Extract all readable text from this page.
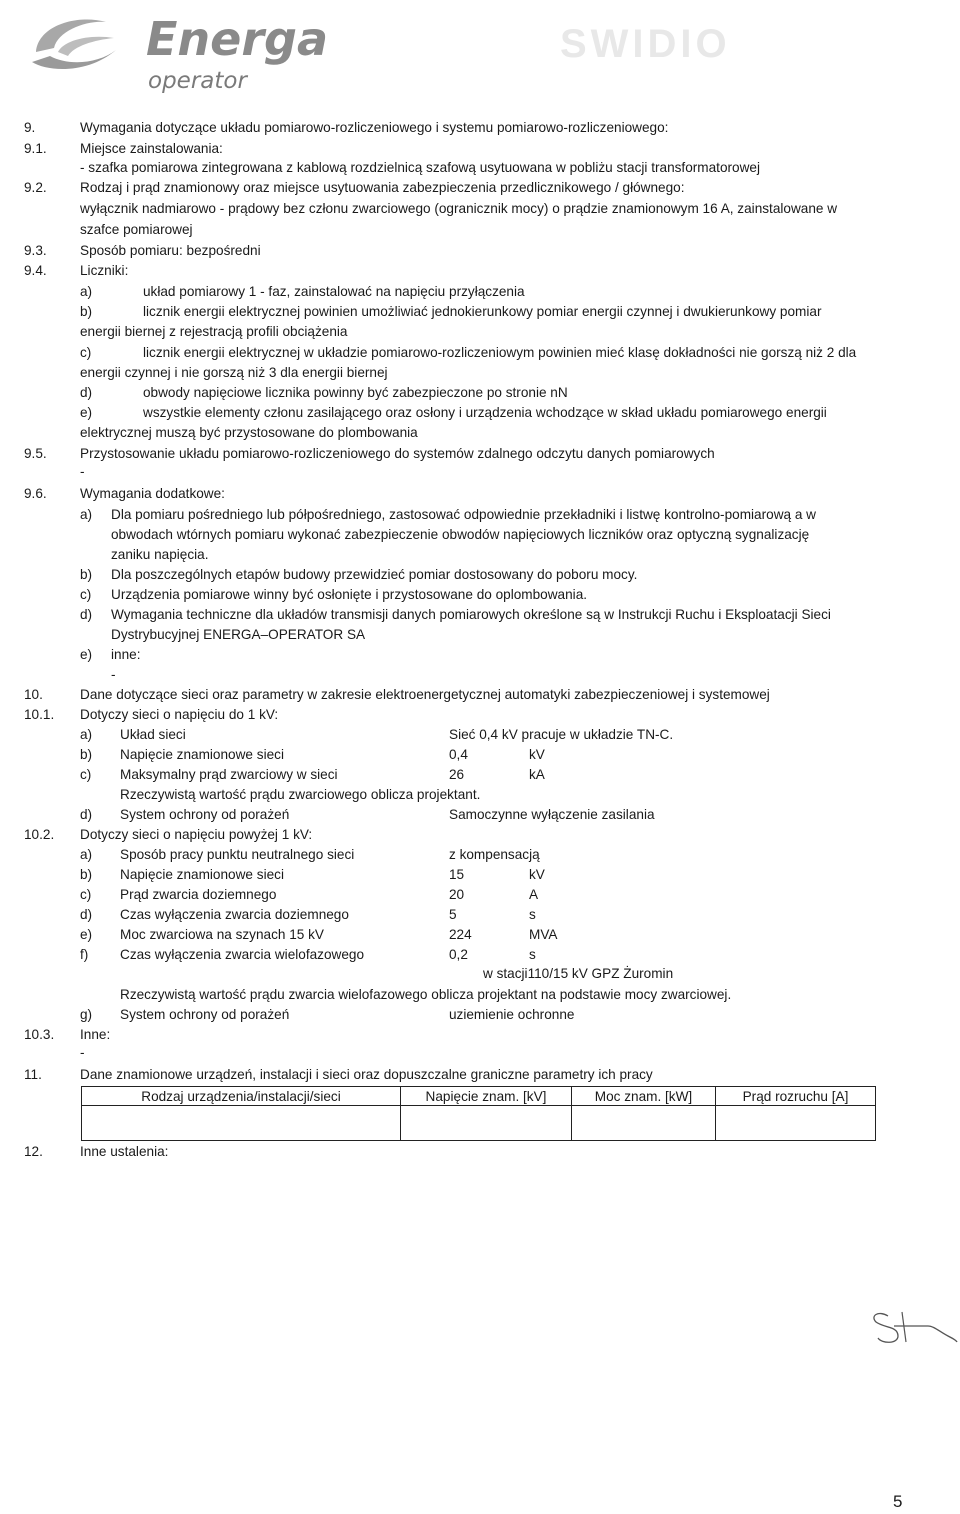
Energa
operator
SWIDIO
9.	Wymagania dotyczące układu pomiarowo-rozliczeniowego i systemu pomiarowo-rozliczeniowego:
9.1. Miejsce zainstalowania:
- szafka pomiarowa zintegrowana z kablową rozdzielnicą szafową usytuowana w pobliżu stacji transformatorowej
9.2. Rodzaj i prąd znamionowy oraz miejsce usytuowania zabezpieczenia przedlicznikowego / głównego:
wyłącznik nadmiarowo - prądowy bez członu zwarciowego (ogranicznik mocy) o prądzie znamionowym 16 A, zainstalowane w
szafce pomiarowej
9.3. Sposób pomiaru: bezpośredni
9.4. Liczniki:
a)	układ pomiarowy 1 - faz, zainstalować na napięciu przyłączenia
b)	licznik energii elektrycznej powinien umożliwiać jednokierunkowy pomiar energii czynnej i dwukierunkowy pomiar
energii biernej z rejestracją profili obciążenia
c)	licznik energii elektrycznej w układzie pomiarowo-rozliczeniowym powinien mieć klasę dokładności nie gorszą niż 2 dla
energii czynnej i nie gorszą niż 3 dla energii biernej
d)	obwody napięciowe licznika powinny być zabezpieczone po stronie nN
e)	wszystkie elementy członu zasilającego oraz osłony i urządzenia wchodzące w skład układu pomiarowego energii
elektrycznej muszą być przystosowane do plombowania
9.5. Przystosowanie układu pomiarowo-rozliczeniowego do systemów zdalnego odczytu danych pomiarowych
-
9.6. Wymagania dodatkowe:
a) Dla pomiaru pośredniego lub półpośredniego, zastosować odpowiednie przekładniki i listwę kontrolno-pomiarową a w
obwodach wtórnych pomiaru wykonać zabezpieczenie obwodów napięciowych liczników oraz optyczną sygnalizację
zaniku napięcia.
b) Dla poszczególnych etapów budowy przewidzieć pomiar dostosowany do poboru mocy.
c) Urządzenia pomiarowe winny być osłonięte i przystosowane do oplombowania.
d) Wymagania techniczne dla układów transmisji danych pomiarowych określone są w Instrukcji Ruchu i Eksploatacji Sieci
Dystrybucyjnej ENERGA–OPERATOR SA
e) inne:
-
10.	Dane dotyczące sieci oraz parametry w zakresie elektroenergetycznej automatyki zabezpieczeniowej i systemowej
10.1. Dotyczy sieci o napięciu do 1 kV:
a) Układ sieci	Sieć 0,4 kV pracuje w układzie TN-C.
b) Napięcie znamionowe sieci	0,4	kV
c) Maksymalny prąd zwarciowy w sieci	26	kA
Rzeczywistą wartość prądu zwarciowego oblicza projektant.
d) System ochrony od porażeń	Samoczynne wyłączenie zasilania
10.2. Dotyczy sieci o napięciu powyżej 1 kV:
a) Sposób pracy punktu neutralnego sieci	z kompensacją
b) Napięcie znamionowe sieci	15	kV
c) Prąd zwarcia doziemnego	20	A
d) Czas wyłączenia zwarcia doziemnego	5	s
e) Moc zwarciowa na szynach 15 kV	224	MVA
f) Czas wyłączenia zwarcia wielofazowego	0,2	s
w stacji110/15 kV GPZ Żuromin
Rzeczywistą wartość prądu zwarcia wielofazowego oblicza projektant na podstawie mocy zwarciowej.
g) System ochrony od porażeń	uziemienie ochronne
10.3. Inne:
-
11.	Dane znamionowe urządzeń, instalacji i sieci oraz dopuszczalne graniczne parametry ich pracy
12.	Inne ustalenia:
Rodzaj urządzenia/instalacji/sieci	Napięcie znam. [kV]	Moc znam. [kW]	Prąd rozruchu [A]

5
